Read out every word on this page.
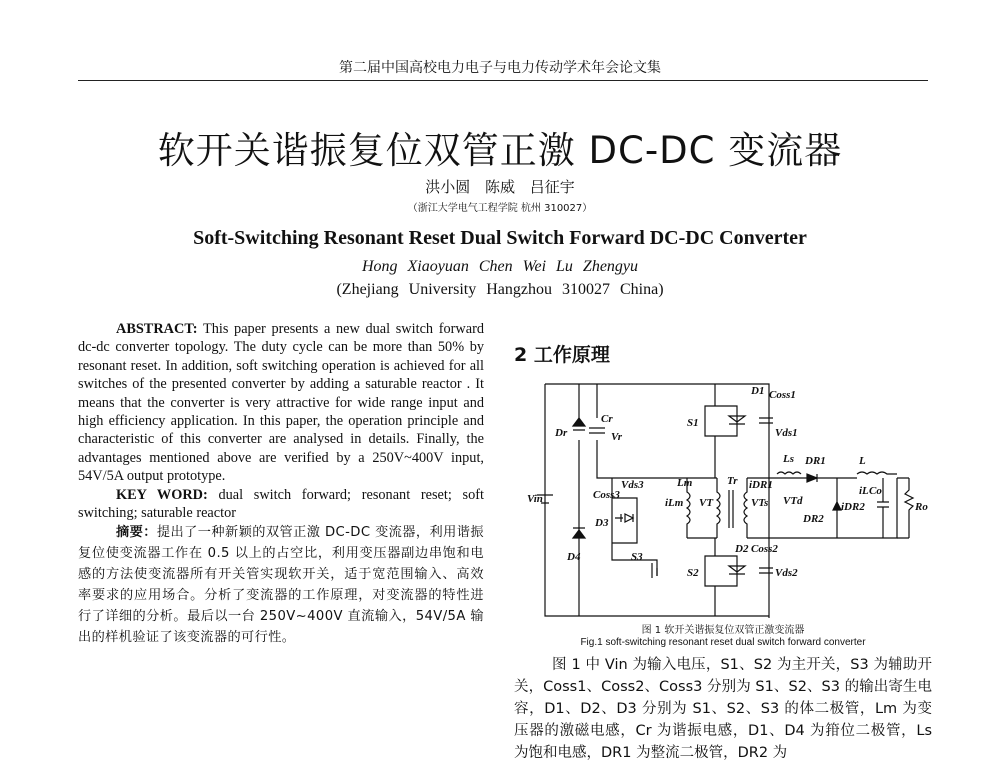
第二届中国高校电力电子与电力传动学术年会论文集
软开关谐振复位双管正激 DC-DC 变流器
洪小圆 陈威 吕征宇
（浙江大学电气工程学院 杭州 310027）
Soft-Switching Resonant Reset Dual Switch Forward DC-DC Converter
Hong Xiaoyuan Chen Wei Lu Zhengyu
(Zhejiang University Hangzhou 310027 China)

ABSTRACT: This paper presents a new dual switch forward dc-dc converter topology. The duty cycle can be more than 50% by resonant reset. In addition, soft switching operation is achieved for all switches of the presented converter by adding a saturable reactor . It means that the converter is very attractive for wide range input and high efficiency application. In this paper, the operation principle and characteristic of this converter are analysed in details. Finally, the advantages mentioned above are verified by a 250V~400V input, 54V/5A output prototype.

KEY WORD: dual switch forward; resonant reset; soft switching; saturable reactor

摘要：提出了一种新颖的双管正激 DC-DC 变流器，利用谐振复位使变流器工作在 0.5 以上的占空比，利用变压器副边串饱和电感的方法使变流器所有开关管实现软开关，适于宽范围输入、高效率要求的应用场合。分析了变流器的工作原理，对变流器的特性进行了详细的分析。最后以一台 250V~400V 直流输入，54V/5A 输出的样机验证了该变流器的可行性。

2 工作原理
Vin
D1 Coss1
S1
Vds1
Dr
Cr
Vr
Vds3
Coss3
Lm
iLm
D3
S3
Tr
VT	VTs
Ls
iDR1
DR1	L
iL
VTd
DR2
iDR2
Co
Ro
D4
D2 Coss2
S2	Vds2
图 1 软开关谐振复位双管正激变流器
Fig.1 soft-switching resonant reset dual switch forward converter

图 1 中 Vin 为输入电压，S1、S2 为主开关，S3 为辅助开关，Coss1、Coss2、Coss3 分别为 S1、S2、S3 的输出寄生电容，D1、D2、D3 分别为 S1、S2、S3 的体二极管，Lm 为变压器的激磁电感，Cr 为谐振电感，D1、D4 为箝位二极管，Ls 为饱和电感，DR1 为整流二极管，DR2 为
